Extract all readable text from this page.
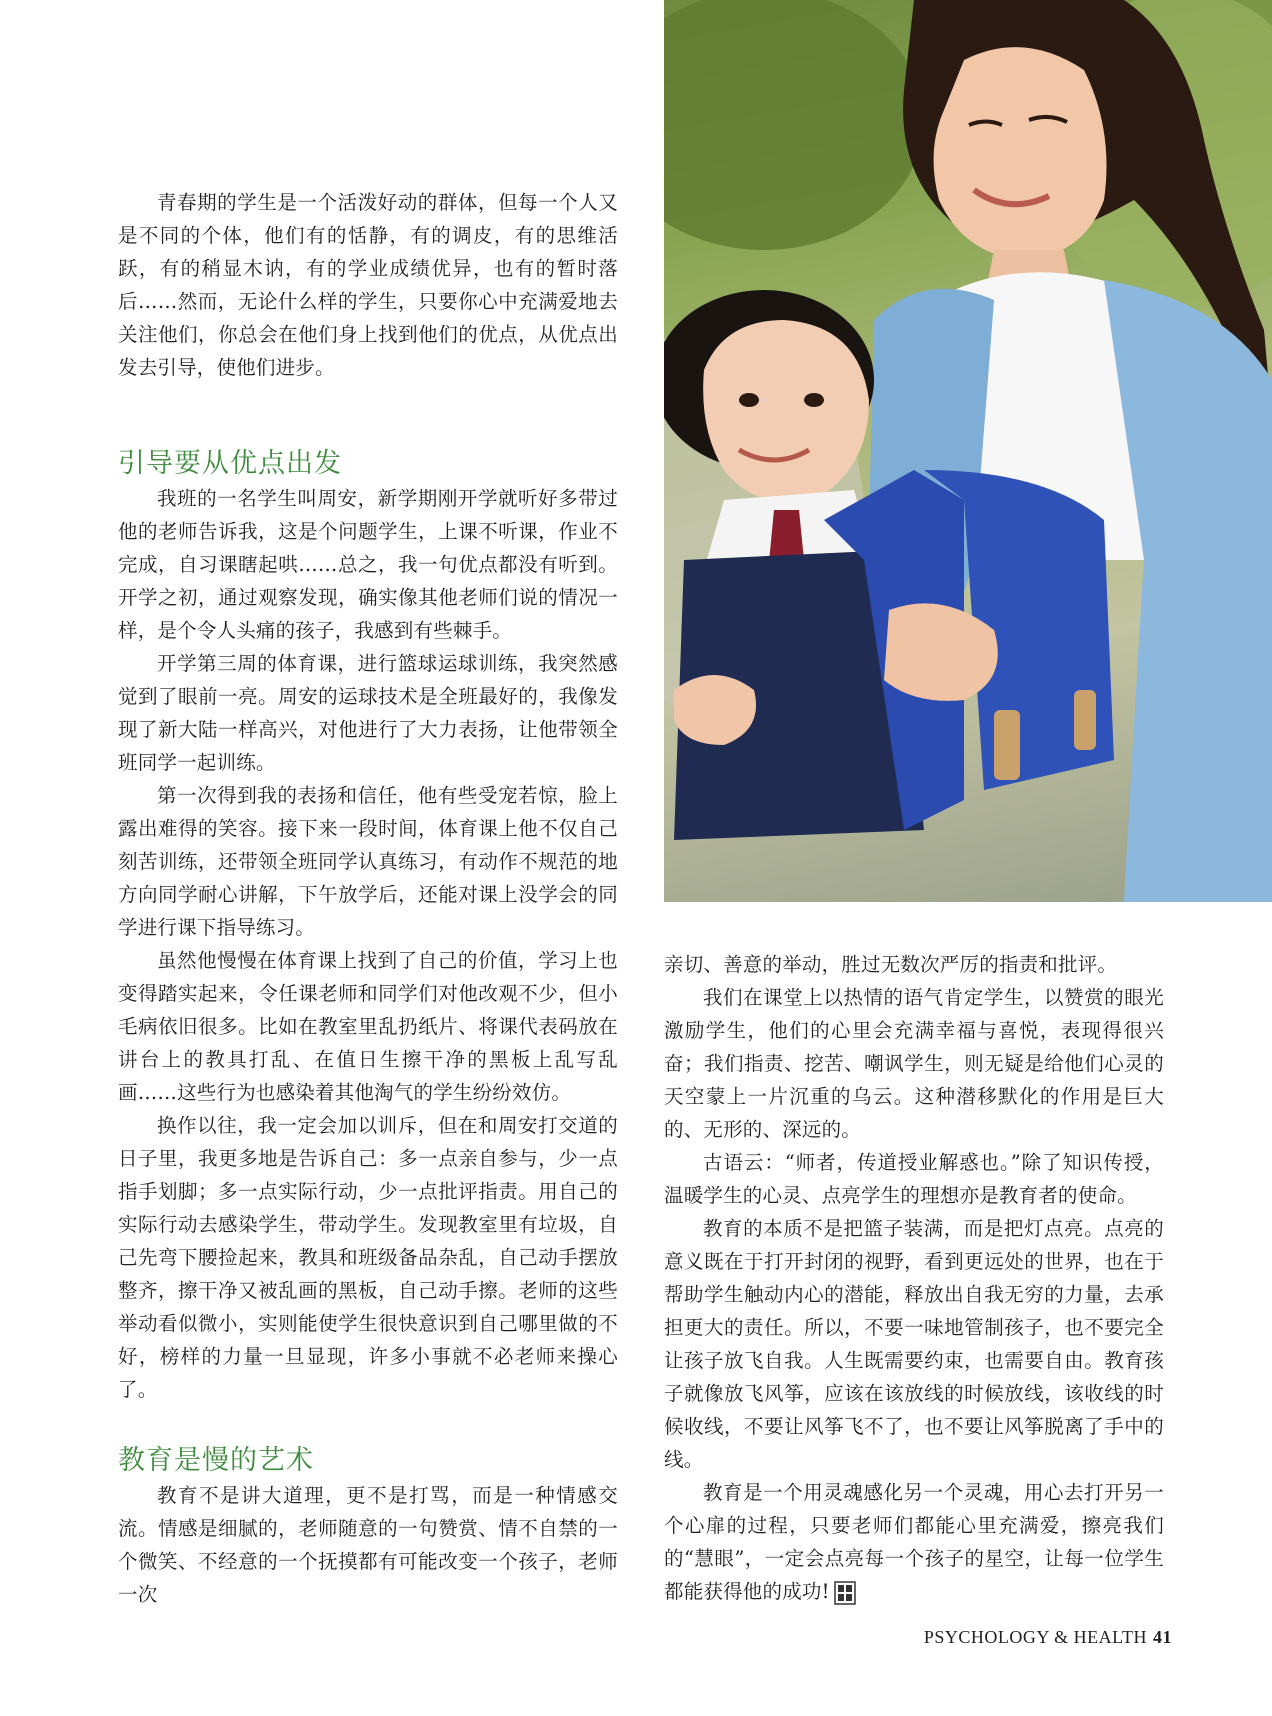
青春期的学生是一个活泼好动的群体，但每一个人又是不同的个体，他们有的恬静，有的调皮，有的思维活跃，有的稍显木讷，有的学业成绩优异，也有的暂时落后……然而，无论什么样的学生，只要你心中充满爱地去关注他们，你总会在他们身上找到他们的优点，从优点出发去引导，使他们进步。

引导要从优点出发

我班的一名学生叫周安，新学期刚开学就听好多带过他的老师告诉我，这是个问题学生，上课不听课，作业不完成，自习课瞎起哄……总之，我一句优点都没有听到。开学之初，通过观察发现，确实像其他老师们说的情况一样，是个令人头痛的孩子，我感到有些棘手。

开学第三周的体育课，进行篮球运球训练，我突然感觉到了眼前一亮。周安的运球技术是全班最好的，我像发现了新大陆一样高兴，对他进行了大力表扬，让他带领全班同学一起训练。

第一次得到我的表扬和信任，他有些受宠若惊，脸上露出难得的笑容。接下来一段时间，体育课上他不仅自己刻苦训练，还带领全班同学认真练习，有动作不规范的地方向同学耐心讲解，下午放学后，还能对课上没学会的同学进行课下指导练习。

虽然他慢慢在体育课上找到了自己的价值，学习上也变得踏实起来，令任课老师和同学们对他改观不少，但小毛病依旧很多。比如在教室里乱扔纸片、将课代表码放在讲台上的教具打乱、在值日生擦干净的黑板上乱写乱画……这些行为也感染着其他淘气的学生纷纷效仿。

换作以往，我一定会加以训斥，但在和周安打交道的日子里，我更多地是告诉自己：多一点亲自参与，少一点指手划脚；多一点实际行动，少一点批评指责。用自己的实际行动去感染学生，带动学生。发现教室里有垃圾，自己先弯下腰捡起来，教具和班级备品杂乱，自己动手摆放整齐，擦干净又被乱画的黑板，自己动手擦。老师的这些举动看似微小，实则能使学生很快意识到自己哪里做的不好，榜样的力量一旦显现，许多小事就不必老师来操心了。

教育是慢的艺术

教育不是讲大道理，更不是打骂，而是一种情感交流。情感是细腻的，老师随意的一句赞赏、情不自禁的一个微笑、不经意的一个抚摸都有可能改变一个孩子，老师一次

亲切、善意的举动，胜过无数次严厉的指责和批评。

我们在课堂上以热情的语气肯定学生，以赞赏的眼光激励学生，他们的心里会充满幸福与喜悦，表现得很兴奋；我们指责、挖苦、嘲讽学生，则无疑是给他们心灵的天空蒙上一片沉重的乌云。这种潜移默化的作用是巨大的、无形的、深远的。

古语云：“师者，传道授业解惑也。”除了知识传授，温暖学生的心灵、点亮学生的理想亦是教育者的使命。

教育的本质不是把篮子装满，而是把灯点亮。点亮的意义既在于打开封闭的视野，看到更远处的世界，也在于帮助学生触动内心的潜能，释放出自我无穷的力量，去承担更大的责任。所以，不要一味地管制孩子，也不要完全让孩子放飞自我。人生既需要约束，也需要自由。教育孩子就像放飞风筝，应该在该放线的时候放线，该收线的时候收线，不要让风筝飞不了，也不要让风筝脱离了手中的线。

教育是一个用灵魂感化另一个灵魂，用心去打开另一个心扉的过程，只要老师们都能心里充满爱，擦亮我们的“慧眼”，一定会点亮每一个孩子的星空，让每一位学生都能获得他的成功!

PSYCHOLOGY & HEALTH 41
